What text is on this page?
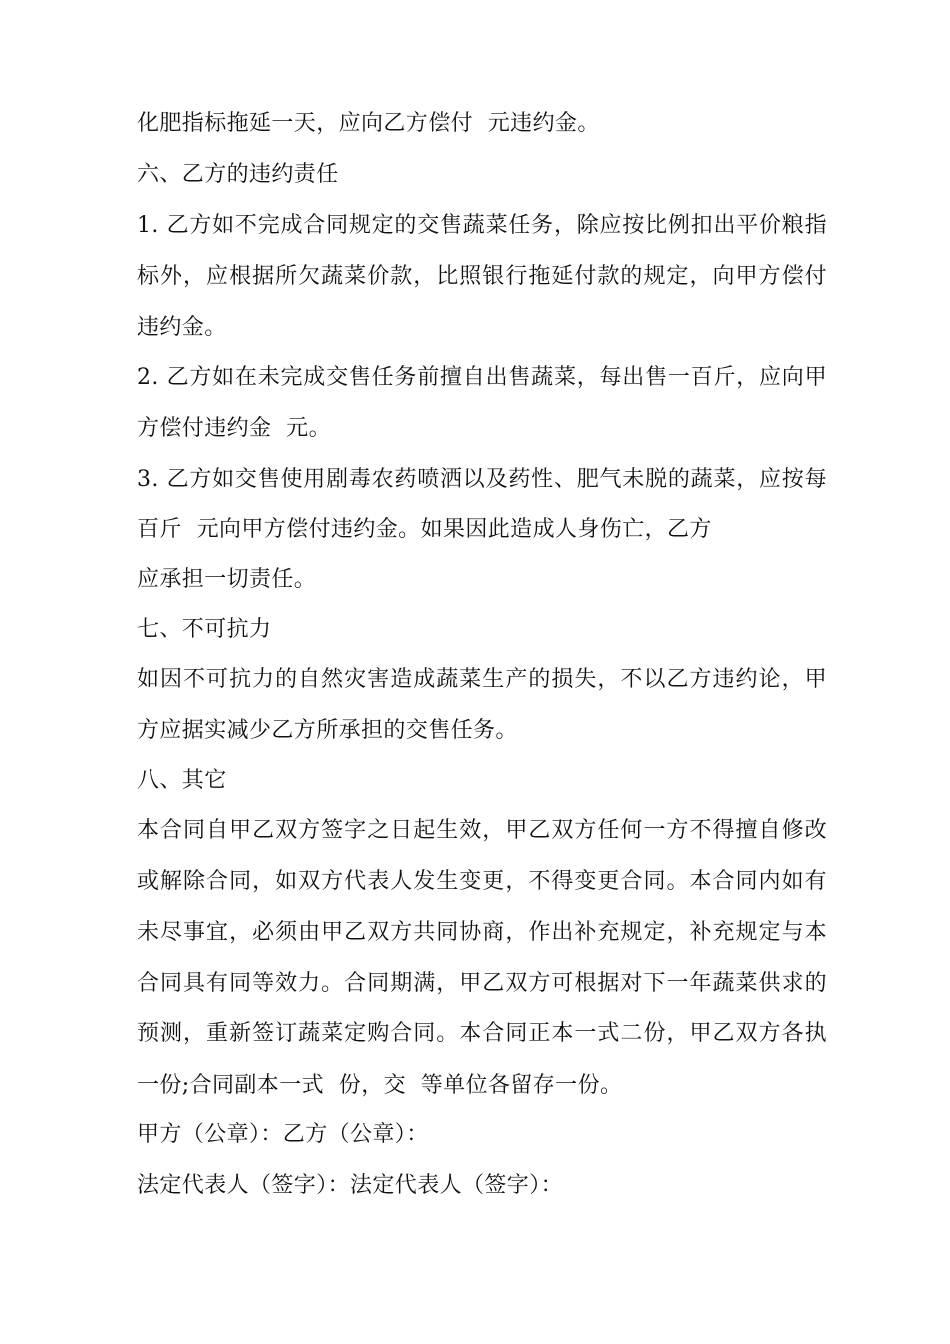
化肥指标拖延一天，应向乙方偿付  元违约金。
六、乙方的违约责任
1. 乙方如不完成合同规定的交售蔬菜任务，除应按比例扣出平价粮指
标外，应根据所欠蔬菜价款，比照银行拖延付款的规定，向甲方偿付
违约金。
2. 乙方如在未完成交售任务前擅自出售蔬菜，每出售一百斤，应向甲
方偿付违约金  元。
3. 乙方如交售使用剧毒农药喷洒以及药性、肥气未脱的蔬菜，应按每
百斤  元向甲方偿付违约金。如果因此造成人身伤亡，乙方
应承担一切责任。
七、不可抗力
如因不可抗力的自然灾害造成蔬菜生产的损失，不以乙方违约论，甲
方应据实减少乙方所承担的交售任务。
八、其它
本合同自甲乙双方签字之日起生效，甲乙双方任何一方不得擅自修改
或解除合同，如双方代表人发生变更，不得变更合同。本合同内如有
未尽事宜，必须由甲乙双方共同协商，作出补充规定，补充规定与本
合同具有同等效力。合同期满，甲乙双方可根据对下一年蔬菜供求的
预测，重新签订蔬菜定购合同。本合同正本一式二份，甲乙双方各执
一份;合同副本一式  份，交  等单位各留存一份。
甲方（公章）：乙方（公章）：
法定代表人（签字）：法定代表人（签字）：
